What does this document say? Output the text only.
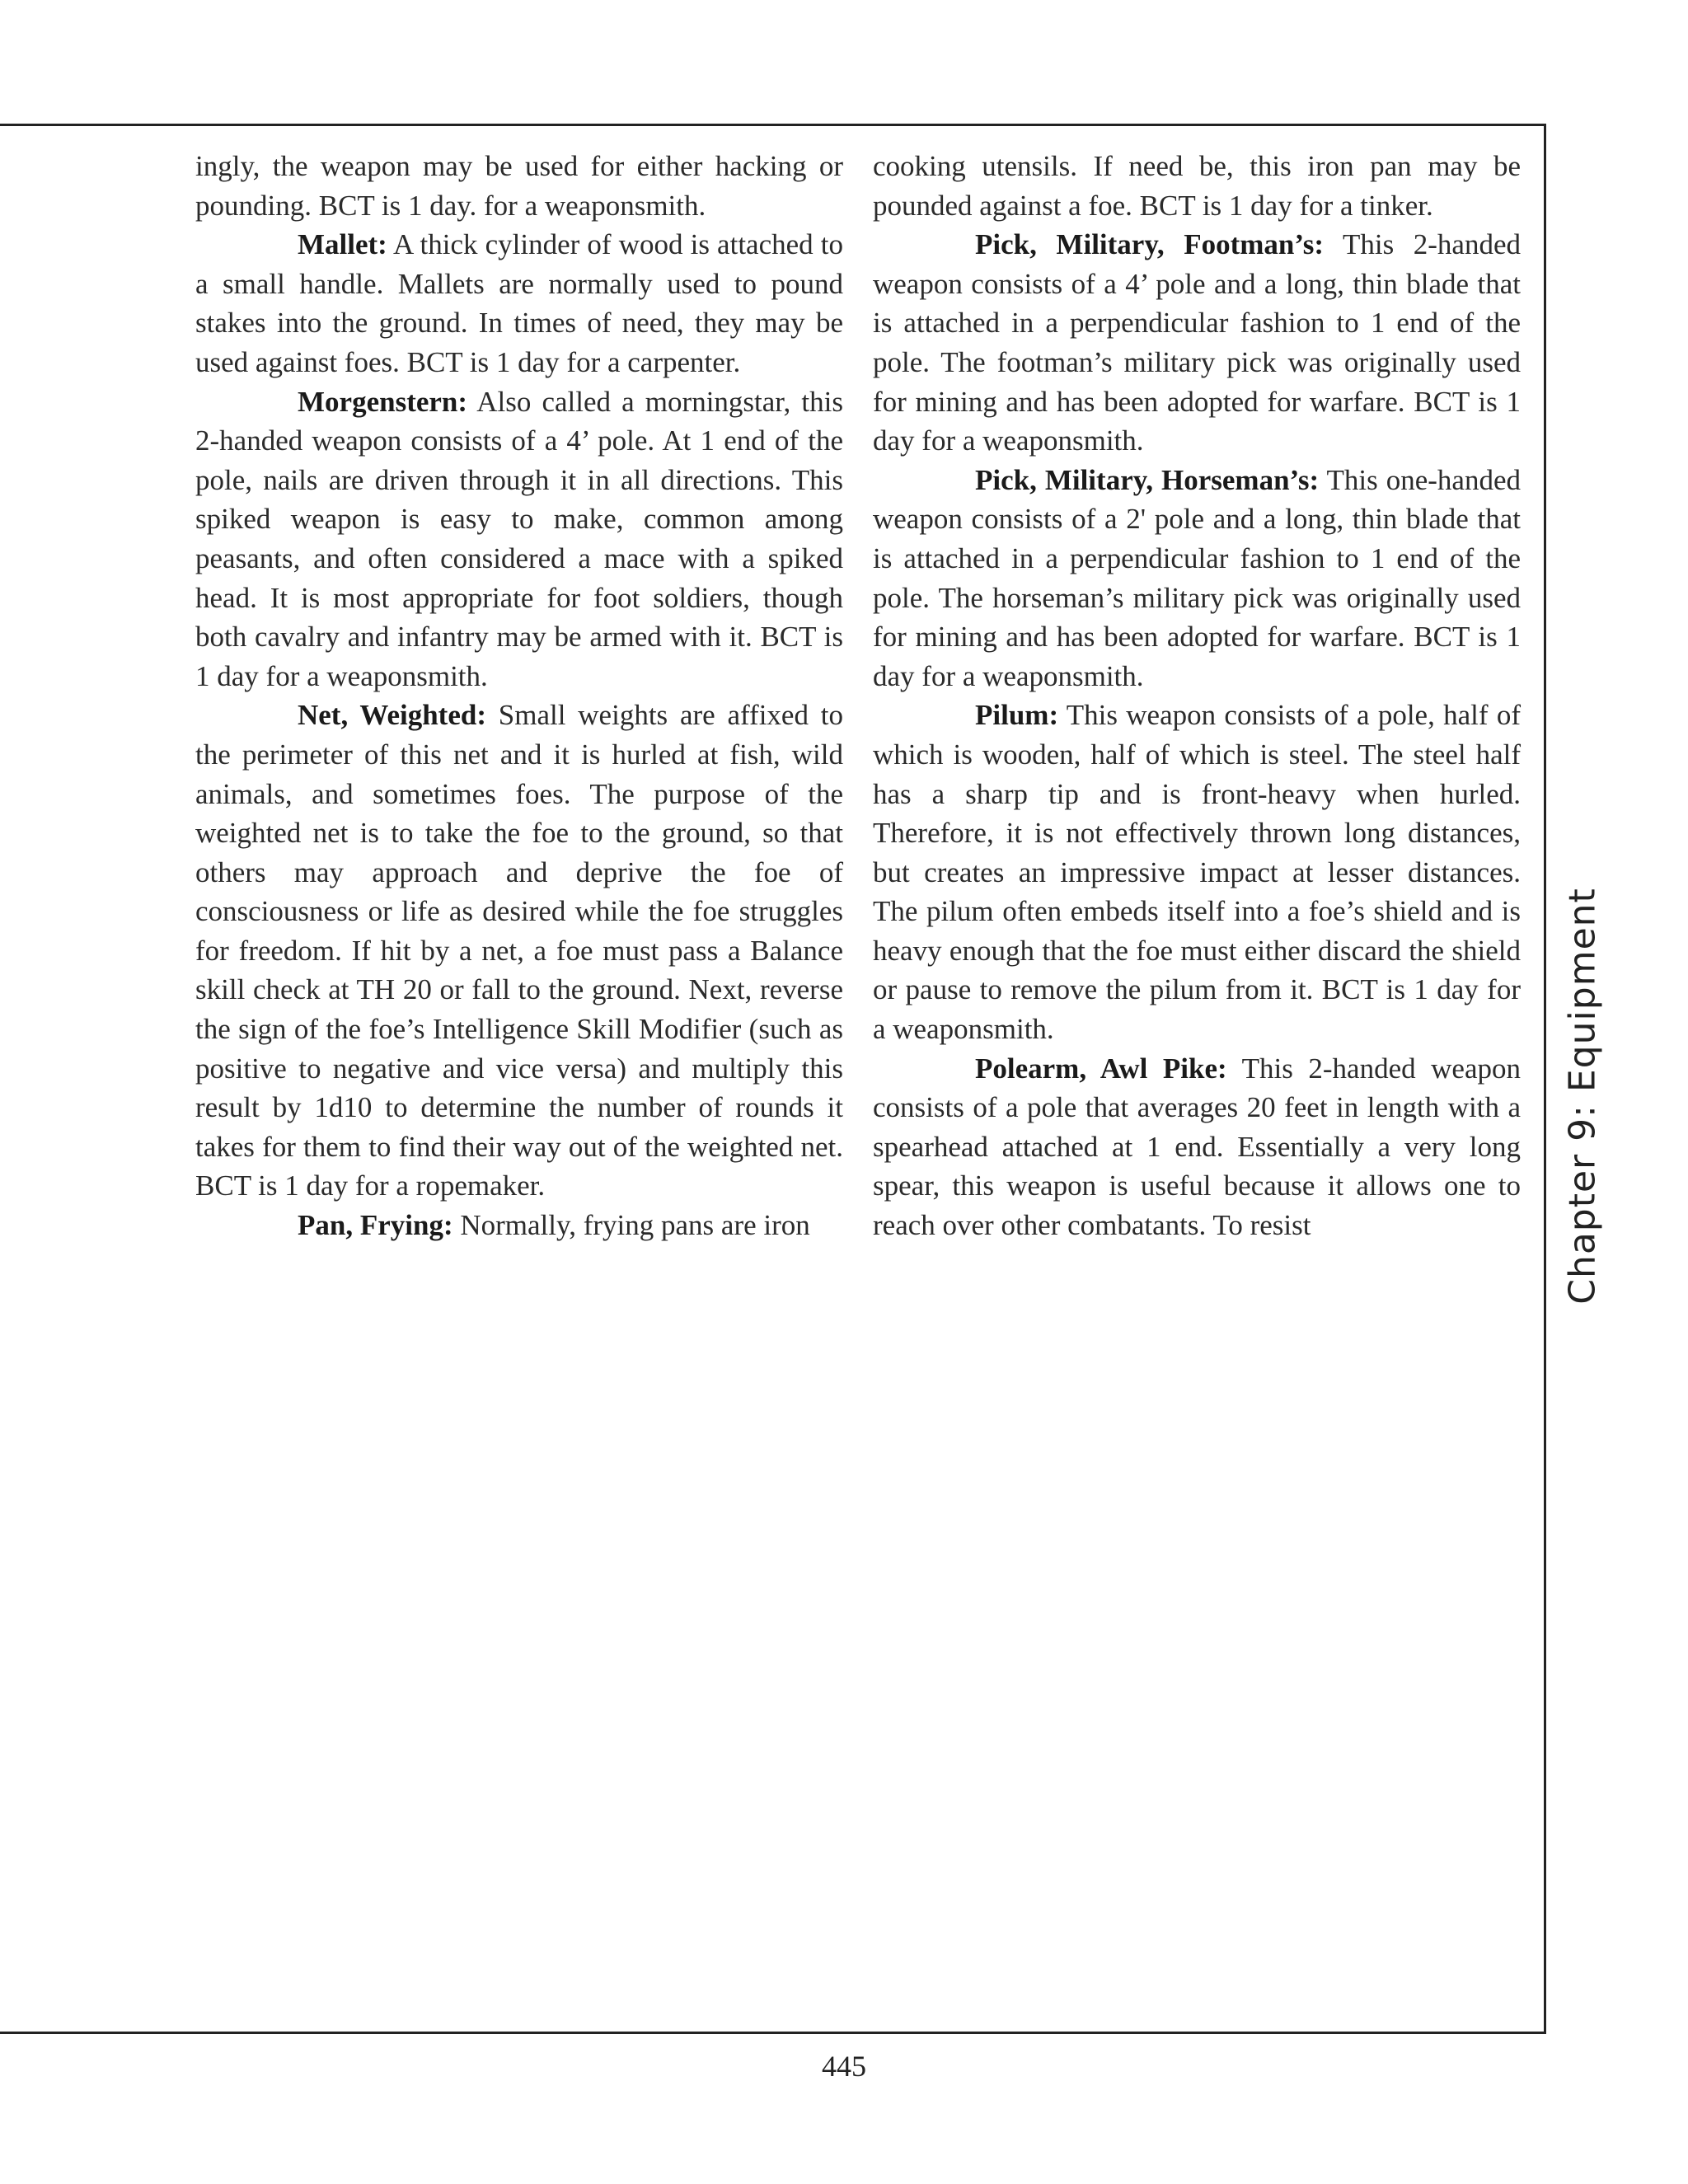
ingly, the weapon may be used for either hacking or pounding. BCT is 1 day. for a weaponsmith.

Mallet: A thick cylinder of wood is attached to a small handle. Mallets are normally used to pound stakes into the ground. In times of need, they may be used against foes. BCT is 1 day for a carpenter.

Morgenstern: Also called a morningstar, this 2-handed weapon consists of a 4’ pole. At 1 end of the pole, nails are driven through it in all directions. This spiked weapon is easy to make, common among peasants, and often considered a mace with a spiked head. It is most appropriate for foot soldiers, though both cavalry and infantry may be armed with it. BCT is 1 day for a weaponsmith.

Net, Weighted: Small weights are affixed to the perimeter of this net and it is hurled at fish, wild animals, and sometimes foes. The purpose of the weighted net is to take the foe to the ground, so that others may approach and deprive the foe of consciousness or life as desired while the foe struggles for freedom. If hit by a net, a foe must pass a Balance skill check at TH 20 or fall to the ground. Next, reverse the sign of the foe’s Intelligence Skill Modifier (such as positive to negative and vice versa) and multiply this result by 1d10 to determine the number of rounds it takes for them to find their way out of the weighted net. BCT is 1 day for a ropemaker.

Pan, Frying: Normally, frying pans are iron

cooking utensils. If need be, this iron pan may be pounded against a foe. BCT is 1 day for a tinker.

Pick, Military, Footman’s: This 2-handed weapon consists of a 4’ pole and a long, thin blade that is attached in a perpendicular fashion to 1 end of the pole. The footman’s military pick was originally used for mining and has been adopted for warfare. BCT is 1 day for a weaponsmith.

Pick, Military, Horseman’s: This one-handed weapon consists of a 2' pole and a long, thin blade that is attached in a perpendicular fashion to 1 end of the pole. The horseman’s military pick was originally used for mining and has been adopted for warfare. BCT is 1 day for a weaponsmith.

Pilum: This weapon consists of a pole, half of which is wooden, half of which is steel. The steel half has a sharp tip and is front-heavy when hurled. Therefore, it is not effectively thrown long distances, but creates an impressive impact at lesser distances. The pilum often embeds itself into a foe’s shield and is heavy enough that the foe must either discard the shield or pause to remove the pilum from it. BCT is 1 day for a weaponsmith.

Polearm, Awl Pike: This 2-handed weapon consists of a pole that averages 20 feet in length with a spearhead attached at 1 end. Essentially a very long spear, this weapon is useful because it allows one to reach over other combatants. To resist	Chapter 9: Equipment
445
